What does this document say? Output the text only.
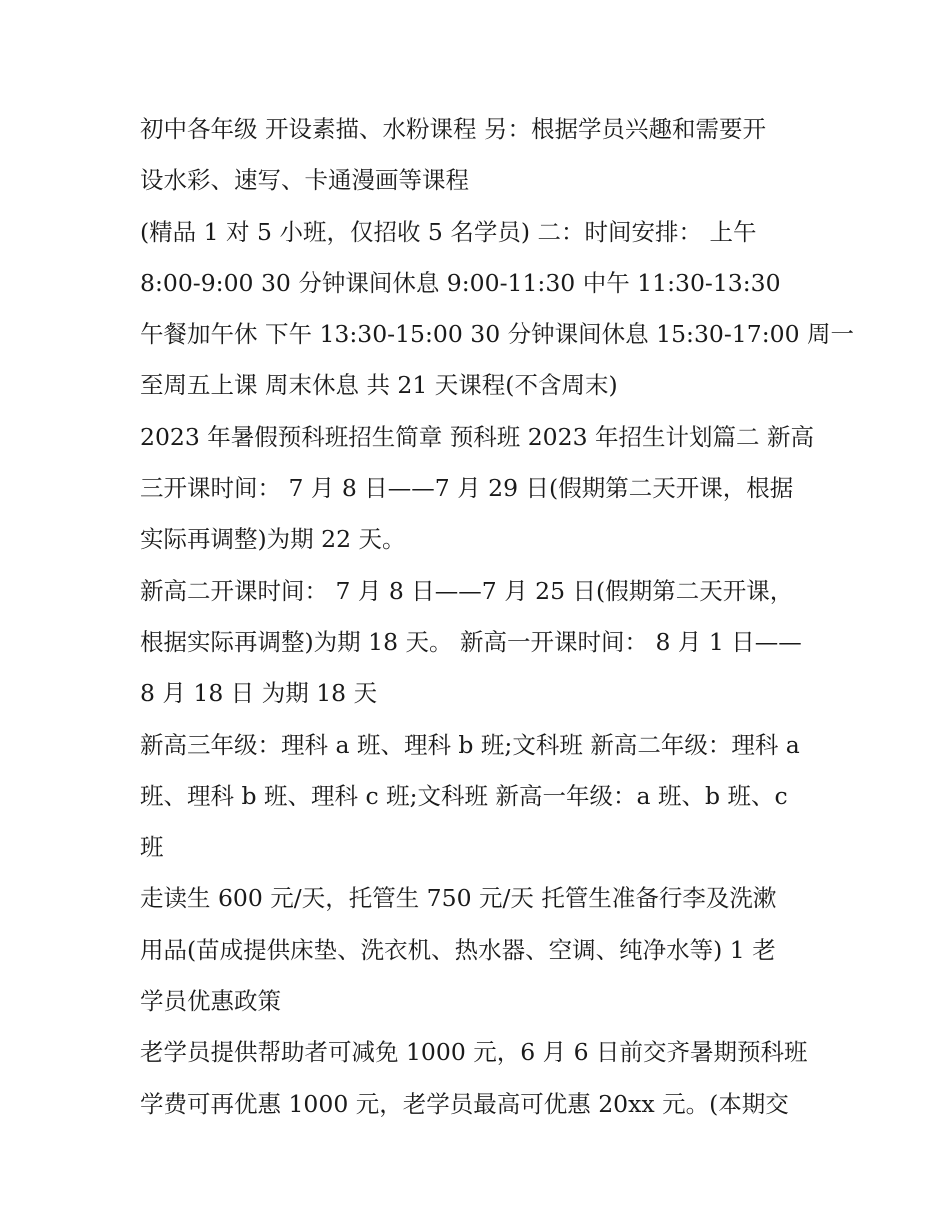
初中各年级 开设素描、水粉课程 另：根据学员兴趣和需要开
设水彩、速写、卡通漫画等课程
(精品 1 对 5 小班，仅招收 5 名学员) 二：时间安排： 上午
8:00-9:00 30 分钟课间休息 9:00-11:30 中午 11:30-13:30
午餐加午休 下午 13:30-15:00 30 分钟课间休息 15:30-17:00 周一
至周五上课 周末休息 共 21 天课程(不含周末)
2023 年暑假预科班招生简章 预科班 2023 年招生计划篇二 新高
三开课时间： 7 月 8 日——7 月 29 日(假期第二天开课，根据
实际再调整)为期 22 天。
新高二开课时间： 7 月 8 日——7 月 25 日(假期第二天开课，
根据实际再调整)为期 18 天。 新高一开课时间： 8 月 1 日——
8 月 18 日 为期 18 天
新高三年级：理科 a 班、理科 b 班;文科班 新高二年级：理科 a
班、理科 b 班、理科 c 班;文科班 新高一年级：a 班、b 班、c
班
走读生 600 元/天，托管生 750 元/天 托管生准备行李及洗漱
用品(苗成提供床垫、洗衣机、热水器、空调、纯净水等) 1 老
学员优惠政策
老学员提供帮助者可减免 1000 元，6 月 6 日前交齐暑期预科班
学费可再优惠 1000 元，老学员最高可优惠 20xx 元。(本期交
